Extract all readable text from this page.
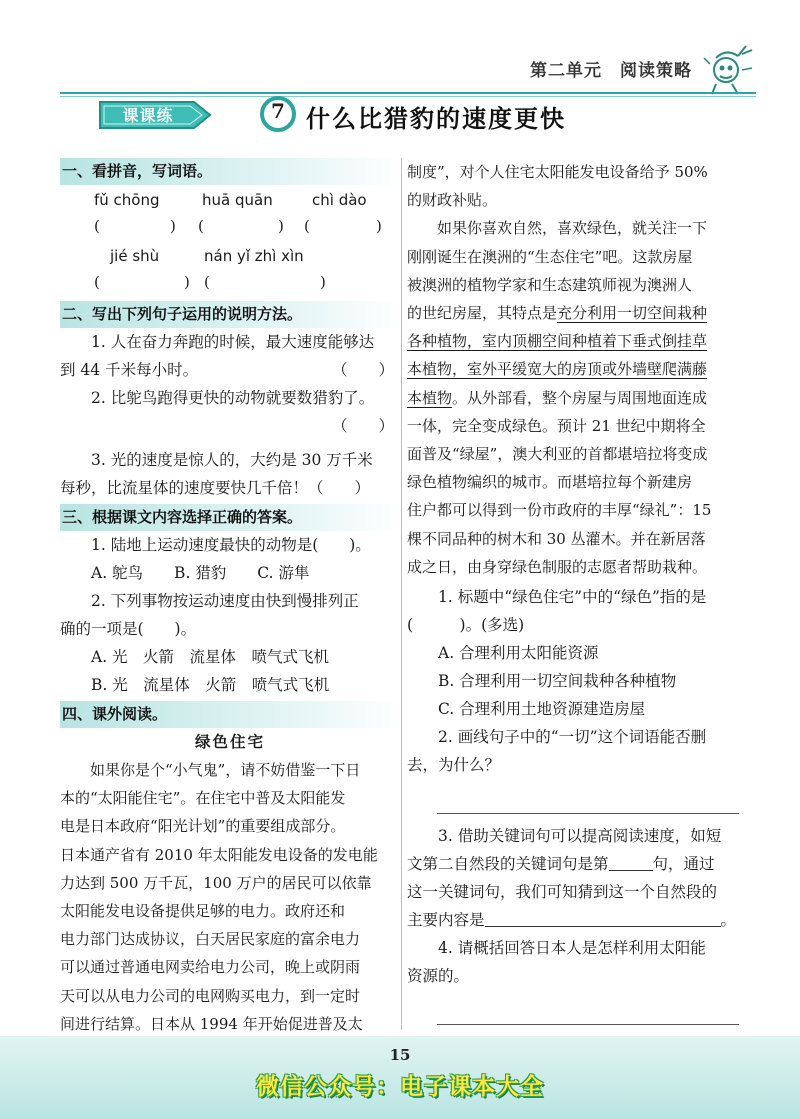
第二单元　阅读策略
课课练	7 什么比猎豹的速度更快
一、看拼音，写词语。
fǔ chōng	huā quān	chì dào
(	) (	) (	)
jié shù	nán yǐ zhì xìn
(	) (	)
二、写出下列句子运用的说明方法。
1. 人在奋力奔跑的时候，最大速度能够达
到 44 千米每小时。	（　　）
2. 比鸵鸟跑得更快的动物就要数猎豹了。
（　　）
3. 光的速度是惊人的，大约是 30 万千米
每秒，比流星体的速度要快几千倍！（　　）
三、根据课文内容选择正确的答案。
1. 陆地上运动速度最快的动物是(　　)。
A. 鸵鸟　　B. 猎豹　　C. 游隼
2. 下列事物按运动速度由快到慢排列正
确的一项是(　　)。
A. 光　火箭　流星体　喷气式飞机
B. 光　流星体　火箭　喷气式飞机
四、课外阅读。
绿色住宅
如果你是个“小气鬼”，请不妨借鉴一下日
本的“太阳能住宅”。在住宅中普及太阳能发
电是日本政府“阳光计划”的重要组成部分。
日本通产省有 2010 年太阳能发电设备的发电能
力达到 500 万千瓦，100 万户的居民可以依靠
太阳能发电设备提供足够的电力。政府还和
电力部门达成协议，白天居民家庭的富余电力
可以通过普通电网卖给电力公司，晚上或阴雨
天可以从电力公司的电网购买电力，到一定时
间进行结算。日本从 1994 年开始促进普及太
制度”，对个人住宅太阳能发电设备给予 50%
的财政补贴。
如果你喜欢自然，喜欢绿色，就关注一下
刚刚诞生在澳洲的“生态住宅”吧。这款房屋
被澳洲的植物学家和生态建筑师视为澳洲人
的世纪房屋，其特点是充分利用一切空间栽种
各种植物，室内顶棚空间种植着下垂式倒挂草
本植物，室外平缓宽大的房顶或外墙壁爬满藤
本植物。从外部看，整个房屋与周围地面连成
一体，完全变成绿色。预计 21 世纪中期将全
面普及“绿屋”，澳大利亚的首都堪培拉将变成
绿色植物编织的城市。而堪培拉每个新建房
住户都可以得到一份市政府的丰厚“绿礼”：15
棵不同品种的树木和 30 丛灌木。并在新居落
成之日，由身穿绿色制服的志愿者帮助栽种。
1. 标题中“绿色住宅”中的“绿色”指的是
(　　　)。(多选)
A. 合理利用太阳能资源
B. 合理利用一切空间栽种各种植物
C. 合理利用土地资源建造房屋
2. 画线句子中的“一切”这个词语能否删
去，为什么？
3. 借助关键词句可以提高阅读速度，如短
文第二自然段的关键词句是第	句，通过
这一关键词句，我们可知猜到这一个自然段的
主要内容是	。
4. 请概括回答日本人是怎样利用太阳能
资源的。
15
微信公众号：电子课本大全
